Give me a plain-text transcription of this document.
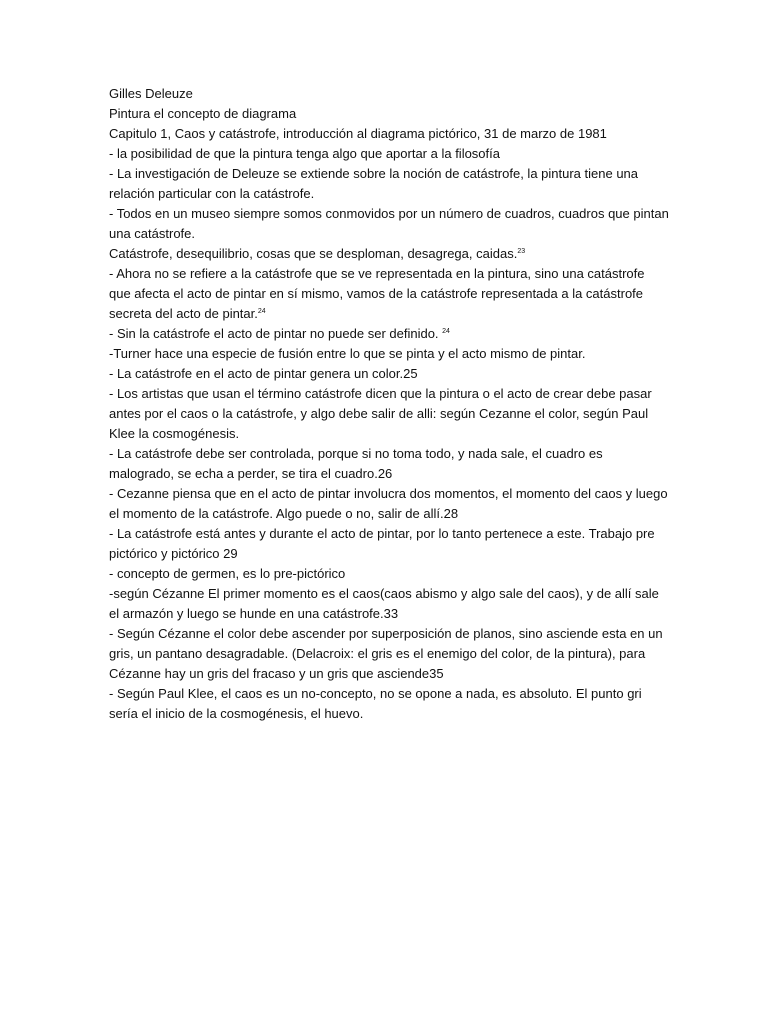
Gilles Deleuze

Pintura el concepto de diagrama

Capitulo 1, Caos y catástrofe, introducción al diagrama pictórico, 31 de marzo de 1981

- la posibilidad de que la pintura tenga algo que aportar a la filosofía

- La investigación de Deleuze se extiende sobre la noción de catástrofe, la pintura tiene una relación particular con la catástrofe.

- Todos en un museo siempre somos conmovidos por un número de cuadros, cuadros que pintan una catástrofe.

Catástrofe, desequilibrio, cosas que se desploman, desagrega, caidas.$^{23}$

- Ahora no se refiere a la catástrofe que se ve representada en la pintura, sino una catástrofe que afecta el acto de pintar en sí mismo, vamos de la catástrofe representada a la catástrofe secreta del acto de pintar.$^{24}$

- Sin la catástrofe el acto de pintar no puede ser definido. $^{24}$

-Turner hace una especie de fusión entre lo que se pinta y el acto mismo de pintar.

- La catástrofe en el acto de pintar genera un color.25

- Los artistas que usan el término catástrofe dicen que la pintura o el acto de crear debe pasar antes por el caos o la catástrofe, y algo debe salir de alli: según Cezanne el color, según Paul Klee la cosmogénesis.

- La catástrofe debe ser controlada, porque si no toma todo, y nada sale, el cuadro es malogrado, se echa a perder, se tira el cuadro.26

- Cezanne piensa que en el acto de pintar involucra dos momentos, el momento del caos y luego el momento de la catástrofe. Algo puede o no, salir de allí.28

- La catástrofe está antes y durante el acto de pintar, por lo tanto pertenece a este. Trabajo pre pictórico y pictórico 29

- concepto de germen, es lo pre-pictórico

-según Cézanne El primer momento es el caos(caos abismo y algo sale del caos), y de allí sale el armazón y luego se hunde en una catástrofe.33

- Según Cézanne el color debe ascender por superposición de planos, sino asciende esta en un gris, un pantano desagradable. (Delacroix: el gris es el enemigo del color, de la pintura), para Cézanne hay un gris del fracaso y un gris que asciende35

- Según Paul Klee, el caos es un no-concepto, no se opone a nada, es absoluto. El punto gri sería el inicio de la cosmogénesis, el huevo.
